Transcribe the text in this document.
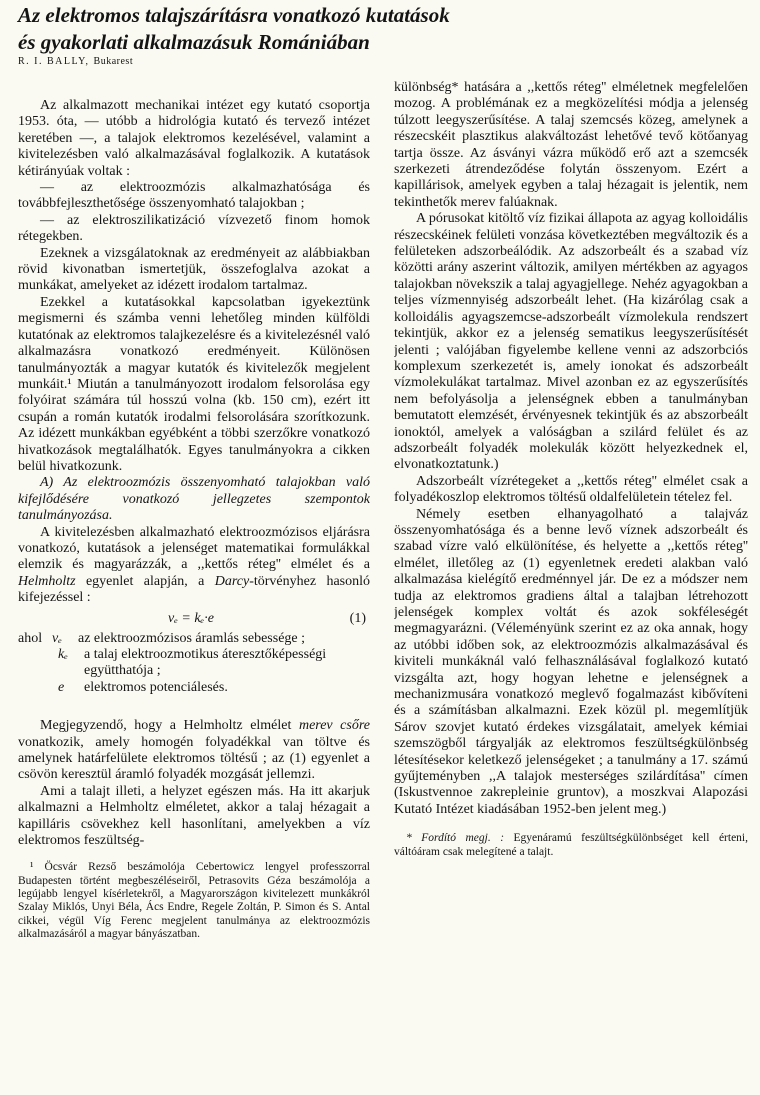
Az elektromos talajszárításra vonatkozó kutatások
és gyakorlati alkalmazásuk Romániában
R. I. BALLY, Bukarest

Az alkalmazott mechanikai intézet egy kutató csoportja 1953. óta, — utóbb a hidrológia kutató és tervező intézet keretében —, a talajok elektromos kezelésével, valamint a kivitelezésben való alkalmazásával foglalkozik. A kutatások kétirányúak voltak :

— az elektroozmózis alkalmazhatósága és továbbfejleszthetősége összenyomható talajokban ;

— az elektroszilikatizáció vízvezető finom homok rétegekben.

Ezeknek a vizsgálatoknak az eredményeit az alábbiakban rövid kivonatban ismertetjük, összefoglalva azokat a munkákat, amelyeket az idézett irodalom tartalmaz.

Ezekkel a kutatásokkal kapcsolatban igyekeztünk megismerni és számba venni lehetőleg minden külföldi kutatónak az elektromos talajkezelésre és a kivitelezésnél való alkalmazásra vonatkozó eredményeit. Különösen tanulmányozták a magyar kutatók és kivitelezők megjelent munkáit.¹ Miután a tanulmányozott irodalom felsorolása egy folyóirat számára túl hosszú volna (kb. 150 cm), ezért itt csupán a román kutatók irodalmi felsorolására szorítkozunk. Az idézett munkákban egyébként a többi szerzőkre vonatkozó hivatkozások megtalálhatók. Egyes tanulmányokra a cikken belül hivatkozunk.

A) Az elektroozmózis összenyomható talajokban való kifejlődésére vonatkozó jellegzetes szempontok tanulmányozása.

A kivitelezésben alkalmazható elektroozmózisos eljárásra vonatkozó, kutatások a jelenséget matematikai formulákkal elemzik és magyarázzák, a ,,kettős réteg'' elmélet és a Helmholtz egyenlet alapján, a Darcy-törvényhez hasonló kifejezéssel :

vₑ = kₑ·e	(1)
ahol vₑ	az elektroozmózisos áramlás sebessége ;
kₑ	a talaj elektroozmotikus áteresztőképességi együtthatója ;
e	elektromos potenciálesés.

Megjegyzendő, hogy a Helmholtz elmélet merev csőre vonatkozik, amely homogén folyadékkal van töltve és amelynek határfelülete elektromos töltésű ; az (1) egyenlet a csövön keresztül áramló folyadék mozgását jellemzi.

Ami a talajt illeti, a helyzet egészen más. Ha itt akarjuk alkalmazni a Helmholtz elméletet, akkor a talaj hézagait a kapilláris csövekhez kell hasonlítani, amelyekben a víz elektromos feszültség-

¹ Öcsvár Rezső beszámolója Cebertowicz lengyel professzorral Budapesten történt megbeszéléseiről, Petrasovits Géza beszámolója a legújabb lengyel kísérletekről, a Magyarországon kivitelezett munkákról Szalay Miklós, Unyi Béla, Ács Endre, Regele Zoltán, P. Simon és S. Antal cikkei, végül Víg Ferenc megjelent tanulmánya az elektroozmózis alkalmazásáról a magyar bányászatban.

különbség* hatására a ,,kettős réteg'' elméletnek megfelelően mozog. A problémának ez a megközelítési módja a jelenség túlzott leegyszerűsítése. A talaj szemcsés közeg, amelynek a részecskéit plasztikus alakváltozást lehetővé tevő kötőanyag tartja össze. Az ásványi vázra működő erő azt a szemcsék szerkezeti átrendeződése folytán összenyom. Ezért a kapillárisok, amelyek egyben a talaj hézagait is jelentik, nem tekinthetők merev falúaknak.

A pórusokat kitöltő víz fizikai állapota az agyag kolloidális részecskéinek felületi vonzása következtében megváltozik és a felületeken adszorbeálódik. Az adszorbeált és a szabad víz közötti arány aszerint változik, amilyen mértékben az agyagos talajokban növekszik a talaj agyagjellege. Nehéz agyagokban a teljes vízmennyiség adszorbeált lehet. (Ha kizárólag csak a kolloidális agyagszemcse-adszorbeált vízmolekula rendszert tekintjük, akkor ez a jelenség sematikus leegyszerűsítését jelenti ; valójában figyelembe kellene venni az adszorbciós komplexum szerkezetét is, amely ionokat és adszorbeált vízmolekulákat tartalmaz. Mivel azonban ez az egyszerűsítés nem befolyásolja a jelenségnek ebben a tanulmányban bemutatott elemzését, érvényesnek tekintjük és az abszorbeált ionoktól, amelyek a valóságban a szilárd felület és az adszorbeált folyadék molekulák között helyezkednek el, elvonatkoztatunk.)

Adszorbeált vízrétegeket a ,,kettős réteg'' elmélet csak a folyadékoszlop elektromos töltésű oldalfelületein tételez fel.

Némely esetben elhanyagolható a talajváz összenyomhatósága és a benne levő víznek adszorbeált és szabad vízre való elkülönítése, és helyette a ,,kettős réteg'' elmélet, illetőleg az (1) egyenletnek eredeti alakban való alkalmazása kielégítő eredménnyel jár. De ez a módszer nem tudja az elektromos gradiens által a talajban létrehozott jelenségek komplex voltát és azok sokféleségét megmagyarázni. (Véleményünk szerint ez az oka annak, hogy az utóbbi időben sok, az elektroozmózis alkalmazásával és kiviteli munkáknál való felhasználásával foglalkozó kutató vizsgálta azt, hogy hogyan lehetne e jelenségnek a mechanizmusára vonatkozó meglevő fogalmazást kibővíteni és a számításban alkalmazni. Ezek közül pl. megemlítjük Sárov szovjet kutató érdekes vizsgálatait, amelyek kémiai szemszögből tárgyalják az elektromos feszültségkülönbség létesítésekor keletkező jelenségeket ; a tanulmány a 17. számú gyűjteményben ,,A talajok mesterséges szilárdítása'' címen (Iskustvennoe zakrepleinie gruntov), a moszkvai Alapozási Kutató Intézet kiadásában 1952-ben jelent meg.)

* Fordító megj. : Egyenáramú feszültségkülönbséget kell érteni, váltóáram csak melegítené a talajt.
